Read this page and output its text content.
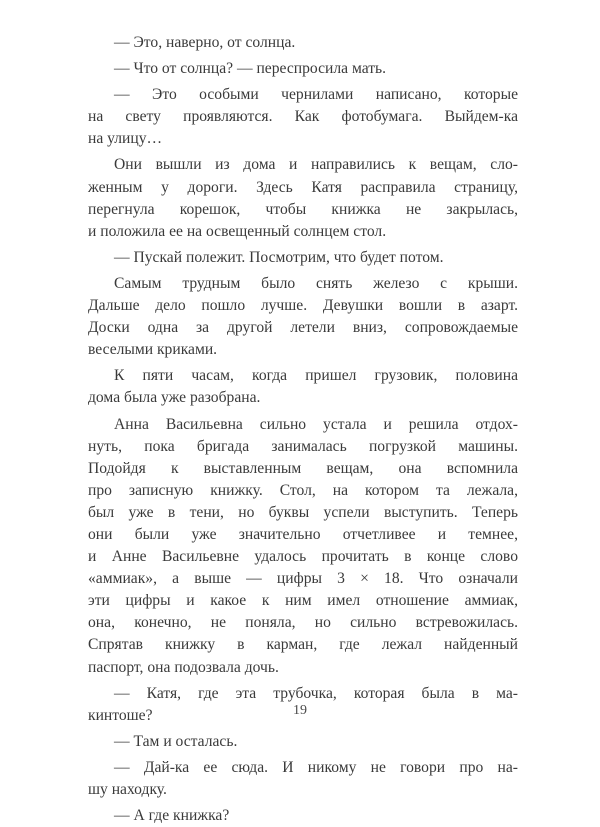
— Это, наверно, от солнца.

— Что от солнца? — переспросила мать.

— Это особыми чернилами написано, которые
на свету проявляются. Как фотобумага. Выйдем-ка
на улицу…

Они вышли из дома и направились к вещам, сло-
женным у дороги. Здесь Катя расправила страницу,
перегнула корешок, чтобы книжка не закрылась,
и положила ее на освещенный солнцем стол.

— Пускай полежит. Посмотрим, что будет потом.

Самым трудным было снять железо с крыши.
Дальше дело пошло лучше. Девушки вошли в азарт.
Доски одна за другой летели вниз, сопровождаемые
веселыми криками.

К пяти часам, когда пришел грузовик, половина
дома была уже разобрана.

Анна Васильевна сильно устала и решила отдох-
нуть, пока бригада занималась погрузкой машины.
Подойдя к выставленным вещам, она вспомнила
про записную книжку. Стол, на котором та лежала,
был уже в тени, но буквы успели выступить. Теперь
они были уже значительно отчетливее и темнее,
и Анне Васильевне удалось прочитать в конце слово
«аммиак», а выше — цифры 3 × 18. Что означали
эти цифры и какое к ним имел отношение аммиак,
она, конечно, не поняла, но сильно встревожилась.
Спрятав книжку в карман, где лежал найденный
паспорт, она подозвала дочь.

— Катя, где эта трубочка, которая была в ма-
кинтоше?

— Там и осталась.

— Дай-ка ее сюда. И никому не говори про на-
шу находку.

— А где книжка?

19
